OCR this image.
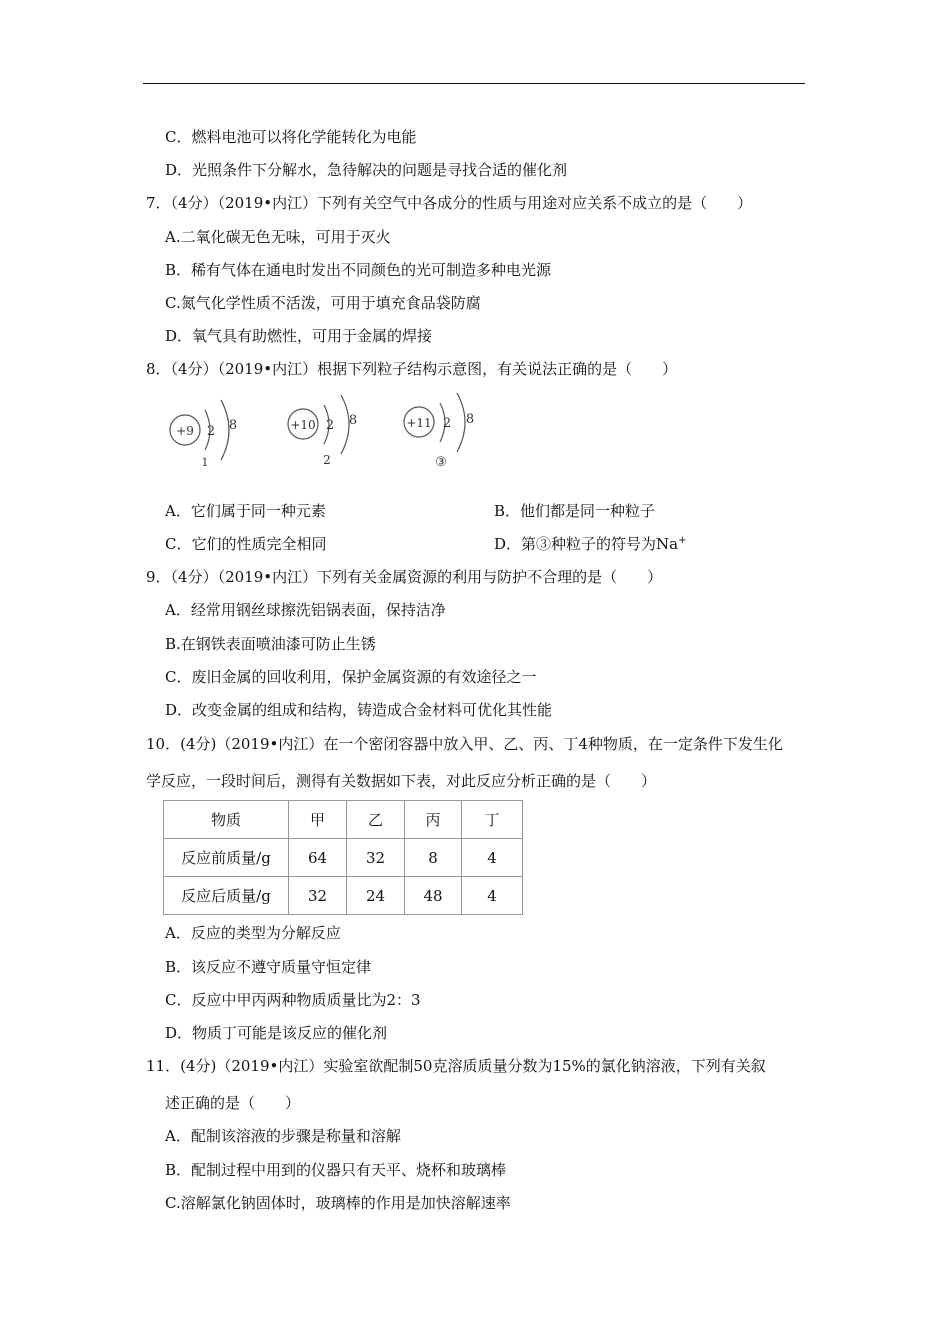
C．燃料电池可以将化学能转化为电能
D．光照条件下分解水，急待解决的问题是寻找合适的催化剂
7．（4分）（2019•内江）下列有关空气中各成分的性质与用途对应关系不成立的是（　　）
A.二氧化碳无色无味，可用于灭火
B．稀有气体在通电时发出不同颜色的光可制造多种电光源
C.氮气化学性质不活泼，可用于填充食品袋防腐
D．氧气具有助燃性，可用于金属的焊接
8．（4分）（2019•内江）根据下列粒子结构示意图，有关说法正确的是（　　）
+9 2 8
1
+10 2 8
2
+11 2 8
③
A．它们属于同一种元素	B．他们都是同一种粒子
C．它们的性质完全相同	D．第③种粒子的符号为Na+
9．（4分）（2019•内江）下列有关金属资源的利用与防护不合理的是（　　）
A．经常用钢丝球擦洗铝锅表面，保持洁净
B.在钢铁表面喷油漆可防止生锈
C．废旧金属的回收利用，保护金属资源的有效途径之一
D．改变金属的组成和结构，铸造成合金材料可优化其性能
10．(4分)（2019•内江）在一个密闭容器中放入甲、乙、丙、丁4种物质，在一定条件下发生化
学反应，一段时间后，测得有关数据如下表，对此反应分析正确的是（　　）
物质	甲	乙	丙	丁
反应前质量/g	64	32	8	4
反应后质量/g	32	24	48	4
A．反应的类型为分解反应
B．该反应不遵守质量守恒定律
C．反应中甲丙两种物质质量比为2：3
D．物质丁可能是该反应的催化剂
11．(4分)（2019•内江）实验室欲配制50克溶质质量分数为15%的氯化钠溶液，下列有关叙
述正确的是（　　）
A．配制该溶液的步骤是称量和溶解
B．配制过程中用到的仪器只有天平、烧杯和玻璃棒
C.溶解氯化钠固体时，玻璃棒的作用是加快溶解速率
